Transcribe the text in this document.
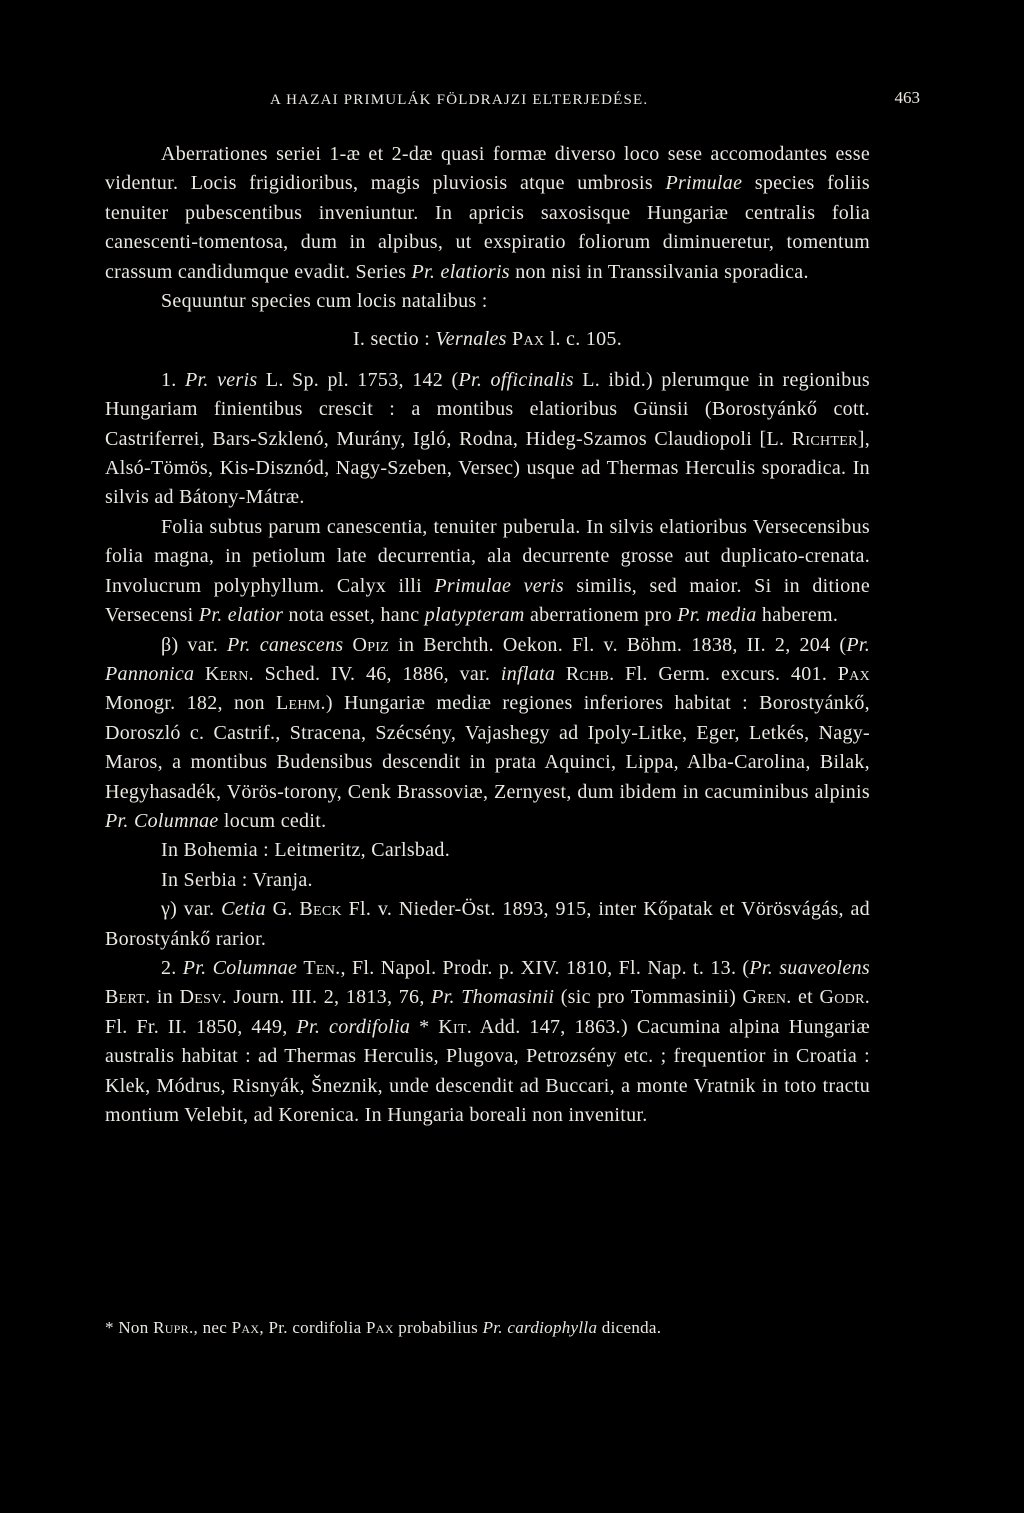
A HAZAI PRIMULÁK FÖLDRAJZI ELTERJEDÉSE.	463

Aberrationes seriei 1-æ et 2-dæ quasi formæ diverso loco sese accomodantes esse videntur. Locis frigidioribus, magis pluviosis atque umbrosis Primulae species foliis tenuiter pubescentibus inveniuntur. In apricis saxosisque Hungariæ centralis folia canescenti-tomentosa, dum in alpibus, ut exspiratio foliorum diminueretur, tomentum crassum candidumque evadit. Series Pr. elatioris non nisi in Transsilvania sporadica.

Sequuntur species cum locis natalibus :

I. sectio : Vernales Pax l. c. 105.

1. Pr. veris L. Sp. pl. 1753, 142 (Pr. officinalis L. ibid.) plerumque in regionibus Hungariam finientibus crescit : a montibus elatioribus Günsii (Borostyánkő cott. Castriferrei, Bars-Szklenó, Murány, Igló, Rodna, Hideg-Szamos Claudiopoli [L. Richter], Alsó-Tömös, Kis-Disznód, Nagy-Szeben, Versec) usque ad Thermas Herculis sporadica. In silvis ad Bátony-Mátræ.

Folia subtus parum canescentia, tenuiter puberula. In silvis elatioribus Versecensibus folia magna, in petiolum late decurrentia, ala decurrente grosse aut duplicato-crenata. Involucrum polyphyllum. Calyx illi Primulae veris similis, sed maior. Si in ditione Versecensi Pr. elatior nota esset, hanc platypteram aberrationem pro Pr. media haberem.

β) var. Pr. canescens Opiz in Berchth. Oekon. Fl. v. Böhm. 1838, II. 2, 204 (Pr. Pannonica Kern. Sched. IV. 46, 1886, var. inflata Rchb. Fl. Germ. excurs. 401. Pax Monogr. 182, non Lehm.) Hungariæ mediæ regiones inferiores habitat : Borostyánkő, Doroszló c. Castrif., Stracena, Szécsény, Vajashegy ad Ipoly-Litke, Eger, Letkés, Nagy-Maros, a montibus Budensibus descendit in prata Aquinci, Lippa, Alba-Carolina, Bilak, Hegyhasadék, Vörös-torony, Cenk Brassoviæ, Zernyest, dum ibidem in cacuminibus alpinis Pr. Columnae locum cedit.

In Bohemia : Leitmeritz, Carlsbad.

In Serbia : Vranja.

γ) var. Cetia G. Beck Fl. v. Nieder-Öst. 1893, 915, inter Kőpatak et Vörösvágás, ad Borostyánkő rarior.

2. Pr. Columnae Ten., Fl. Napol. Prodr. p. XIV. 1810, Fl. Nap. t. 13. (Pr. suaveolens Bert. in Desv. Journ. III. 2, 1813, 76, Pr. Thomasinii (sic pro Tommasinii) Gren. et Godr. Fl. Fr. II. 1850, 449, Pr. cordifolia * Kit. Add. 147, 1863.) Cacumina alpina Hungariæ australis habitat : ad Thermas Herculis, Plugova, Petrozsény etc. ; frequentior in Croatia : Klek, Módrus, Risnyák, Šneznik, unde descendit ad Buccari, a monte Vratnik in toto tractu montium Velebit, ad Korenica. In Hungaria boreali non invenitur.

* Non Rupr., nec Pax, Pr. cordifolia Pax probabilius Pr. cardiophylla dicenda.
